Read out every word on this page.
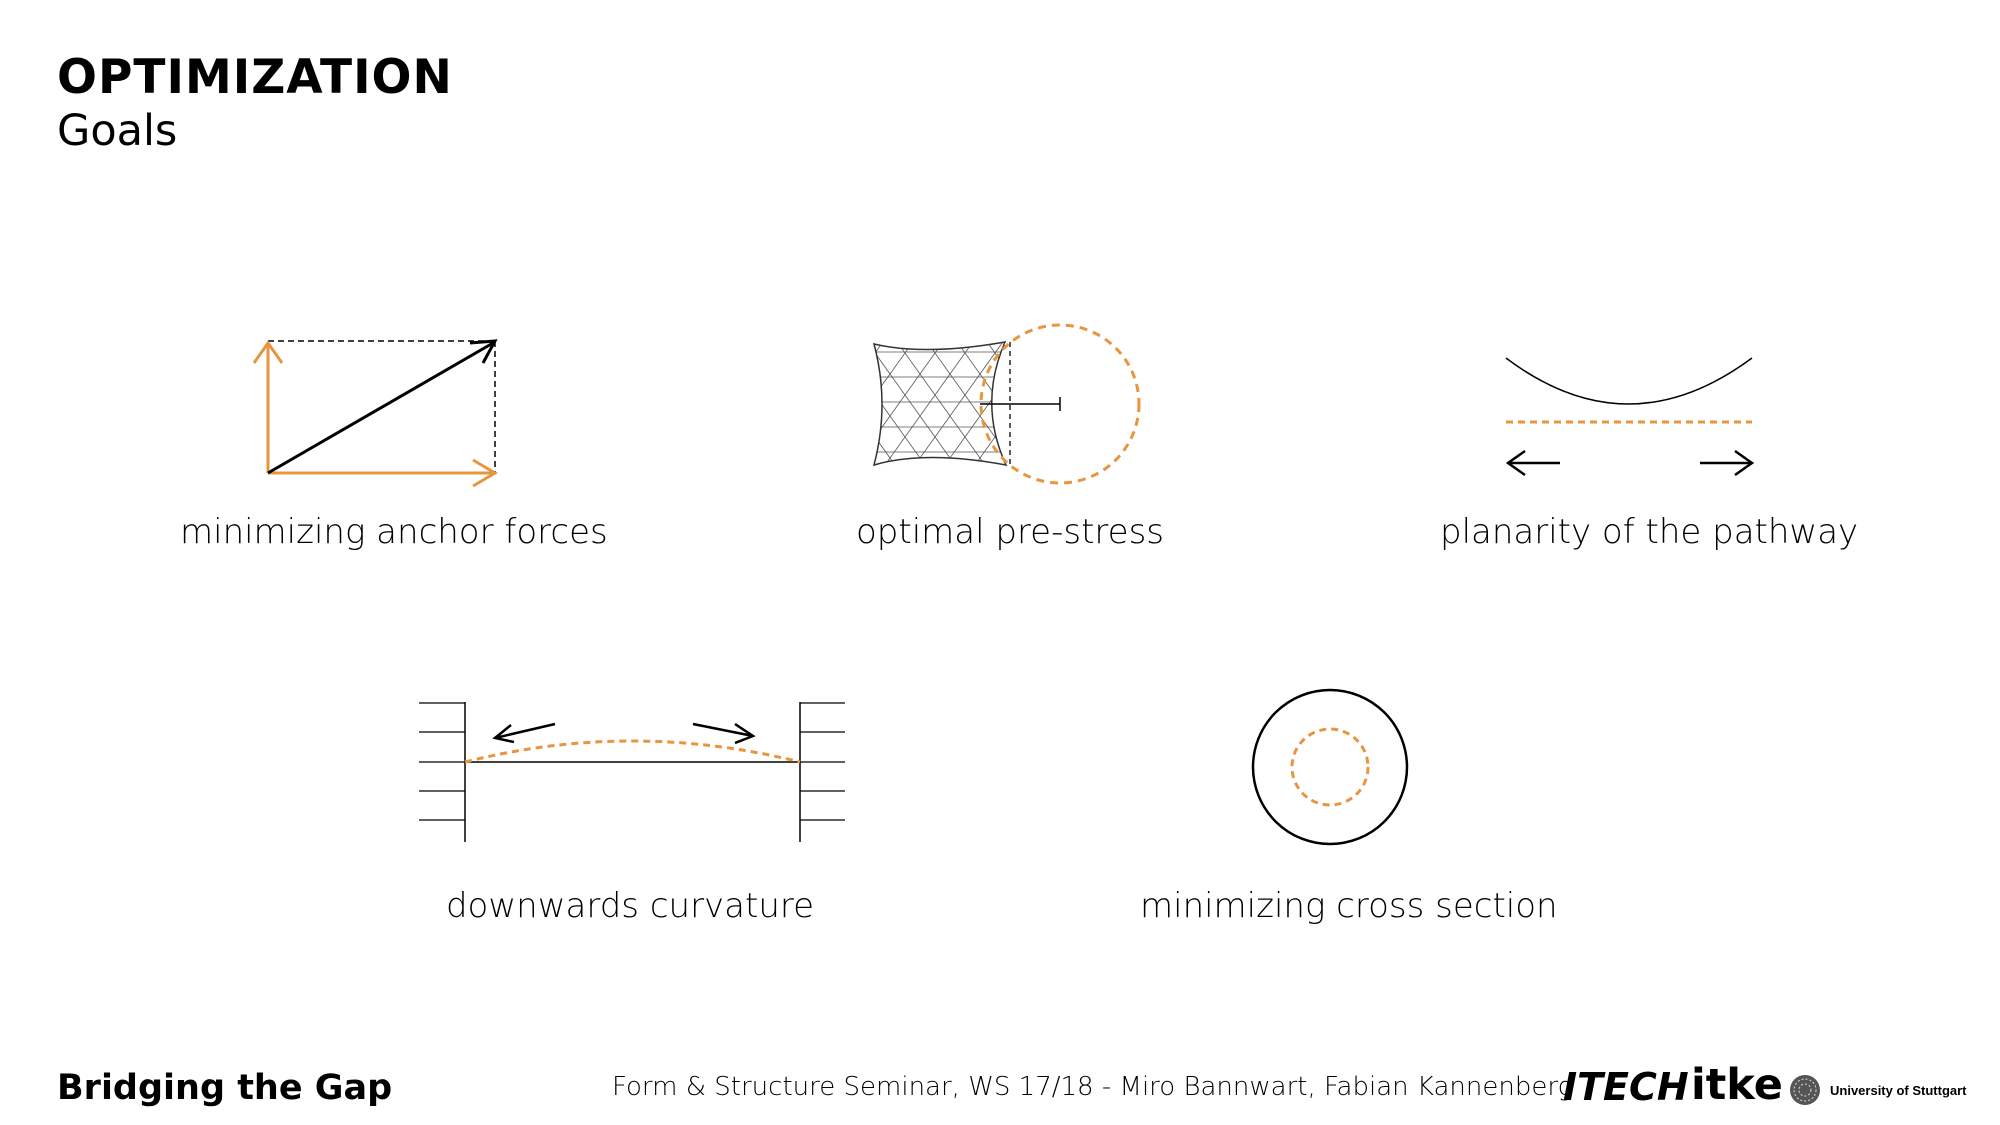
OPTIMIZATION
Goals
minimizing anchor forces	optimal pre-stress	planarity of the pathway
downwards curvature	minimizing cross section
Bridging the Gap	Form & Structure Seminar, WS 17/18 - Miro Bannwart, Fabian Kannenberg
ITECH itke	University of Stuttgart
